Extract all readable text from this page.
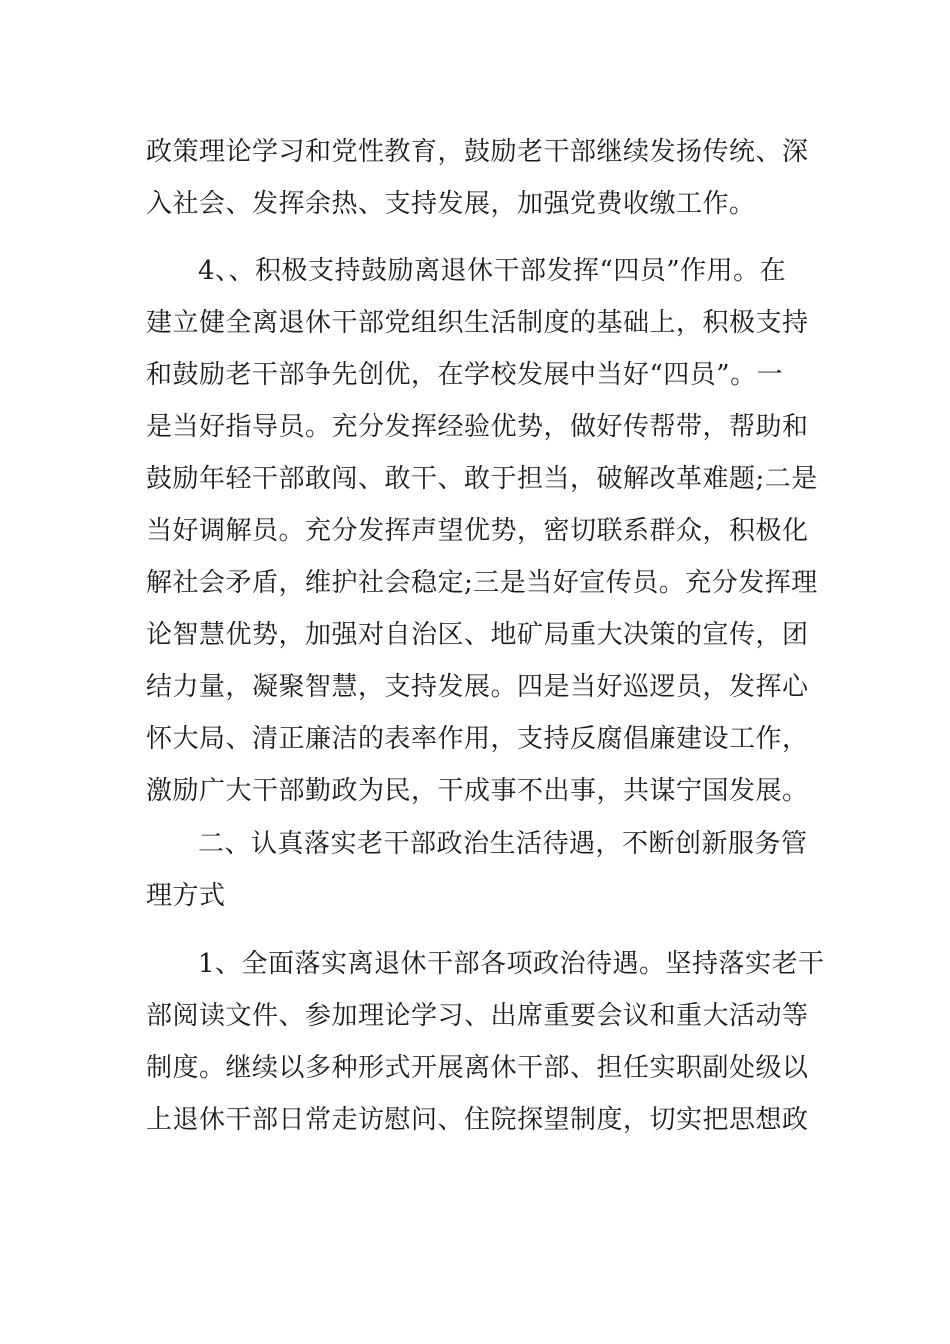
政策理论学习和党性教育，鼓励老干部继续发扬传统、深
入社会、发挥余热、支持发展，加强党费收缴工作。
4、、积极支持鼓励离退休干部发挥“四员”作用。在
建立健全离退休干部党组织生活制度的基础上，积极支持
和鼓励老干部争先创优，在学校发展中当好“四员”。一
是当好指导员。充分发挥经验优势，做好传帮带，帮助和
鼓励年轻干部敢闯、敢干、敢于担当，破解改革难题;二是
当好调解员。充分发挥声望优势，密切联系群众，积极化
解社会矛盾，维护社会稳定;三是当好宣传员。充分发挥理
论智慧优势，加强对自治区、地矿局重大决策的宣传，团
结力量，凝聚智慧，支持发展。四是当好巡逻员，发挥心
怀大局、清正廉洁的表率作用，支持反腐倡廉建设工作，
激励广大干部勤政为民，干成事不出事，共谋宁国发展。
二、认真落实老干部政治生活待遇，不断创新服务管
理方式
1、全面落实离退休干部各项政治待遇。坚持落实老干
部阅读文件、参加理论学习、出席重要会议和重大活动等
制度。继续以多种形式开展离休干部、担任实职副处级以
上退休干部日常走访慰问、住院探望制度，切实把思想政
